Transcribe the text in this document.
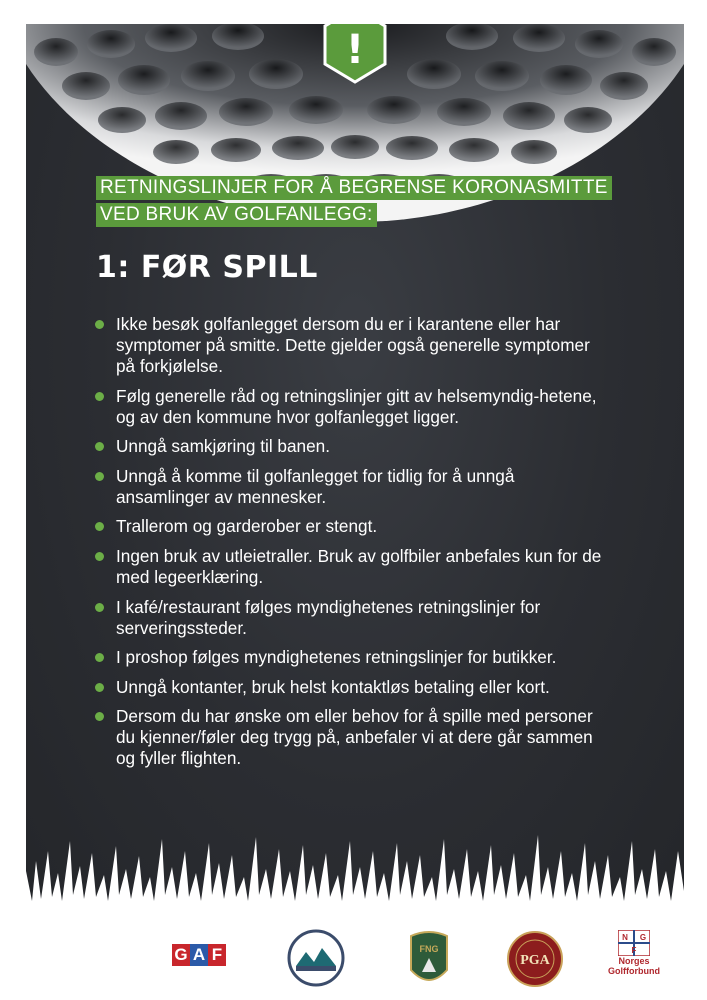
!
RETNINGSLINJER FOR Å BEGRENSE KORONASMITTE
VED BRUK AV GOLFANLEGG:
1: FØR SPILL
Ikke besøk golfanlegget dersom du er i karantene eller har symptomer på smitte. Dette gjelder også generelle symptomer på forkjølelse.
Følg generelle råd og retningslinjer gitt av helsemyndig-hetene, og av den kommune hvor golfanlegget ligger.
Unngå samkjøring til banen.
Unngå å komme til golfanlegget for tidlig for å unngå ansamlinger av mennesker.
Trallerom og garderober er stengt.
Ingen bruk av utleietraller. Bruk av golfbiler anbefales kun for de med legeerklæring.
I kafé/restaurant følges myndighetenes retningslinjer for serveringssteder.
I proshop følges myndighetenes retningslinjer for butikker.
Unngå kontanter, bruk helst kontaktløs betaling eller kort.
Dersom du har ønske om eller behov for å spille med personer du kjenner/føler deg trygg på, anbefaler vi at dere går sammen og fyller flighten.
G A F	FNG
PGA
N G
F
Norges
Golfforbund
